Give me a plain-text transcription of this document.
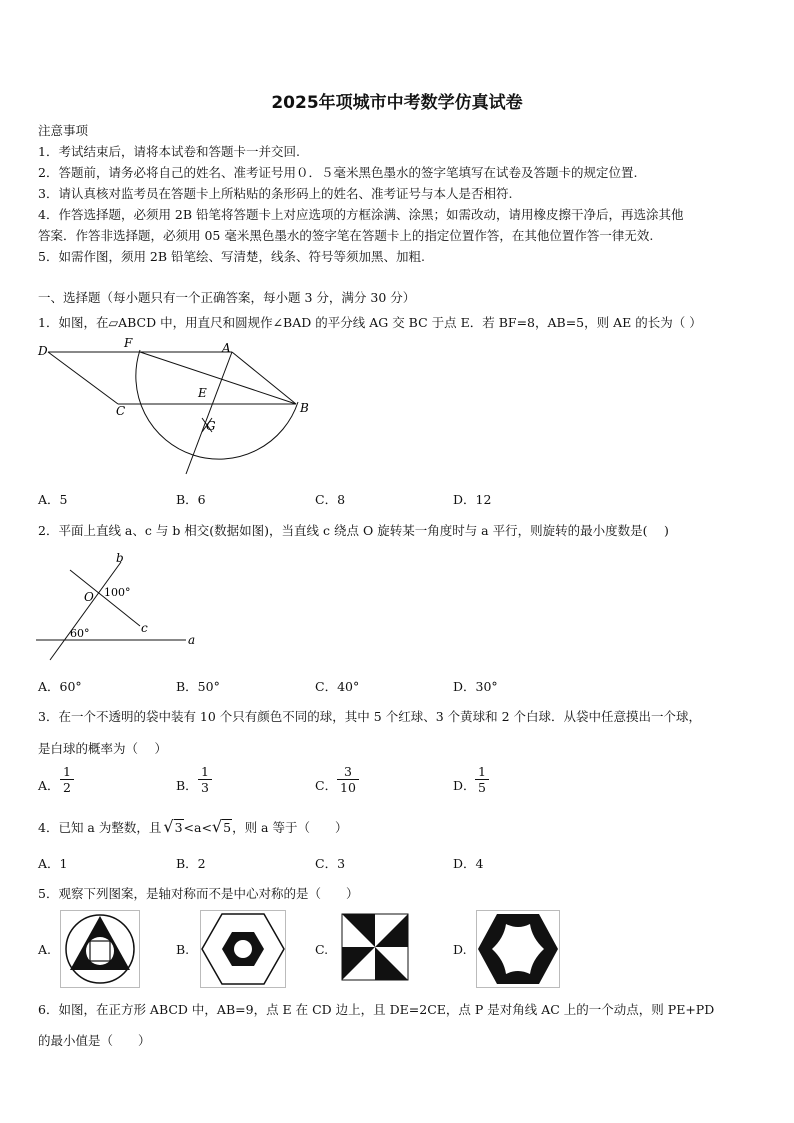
2025年项城市中考数学仿真试卷
注意事项
1．考试结束后，请将本试卷和答题卡一并交回.
2．答题前，请务必将自己的姓名、准考证号用０．５毫米黑色墨水的签字笔填写在试卷及答题卡的规定位置.
3．请认真核对监考员在答题卡上所粘贴的条形码上的姓名、准考证号与本人是否相符.
4．作答选择题，必须用 2B 铅笔将答题卡上对应选项的方框涂满、涂黑；如需改动，请用橡皮擦干净后，再选涂其他
答案．作答非选择题，必须用 05 毫米黑色墨水的签字笔在答题卡上的指定位置作答，在其他位置作答一律无效.
5．如需作图，须用 2B 铅笔绘、写清楚，线条、符号等须加黑、加粗.
一、选择题（每小题只有一个正确答案，每小题 3 分，满分 30 分）
1．如图，在▱ABCD 中，用直尺和圆规作∠BAD 的平分线 AG 交 BC 于点 E．若 BF=8，AB=5，则 AE 的长为（ ）
D
F	A
E
C	B
G
A．5	B．6	C．8	D．12
2．平面上直线 a、c 与 b 相交(数据如图)，当直线 c 绕点 O 旋转某一角度时与 a 平行，则旋转的最小度数是(　 )
b
O 100°
c
60°	a
A．60°	B．50°	C．40°	D．30°
3．在一个不透明的袋中装有 10 个只有颜色不同的球，其中 5 个红球、3 个黄球和 2 个白球．从袋中任意摸出一个球，
是白球的概率为（　 ）
A． $\frac{1}{2}$	B． $\frac{1}{3}$	C． $\frac{3}{10}$	D． $\frac{1}{5}$
4．已知 a 为整数，且 √3<a<√5，则 a 等于（　　）
A．1	B．2	C．3	D．4
5．观察下列图案，是轴对称而不是中心对称的是（　　）
A.	B.	C.	D.
6．如图，在正方形 ABCD 中，AB=9，点 E 在 CD 边上，且 DE=2CE，点 P 是对角线 AC 上的一个动点，则 PE+PD
的最小值是（　　）
